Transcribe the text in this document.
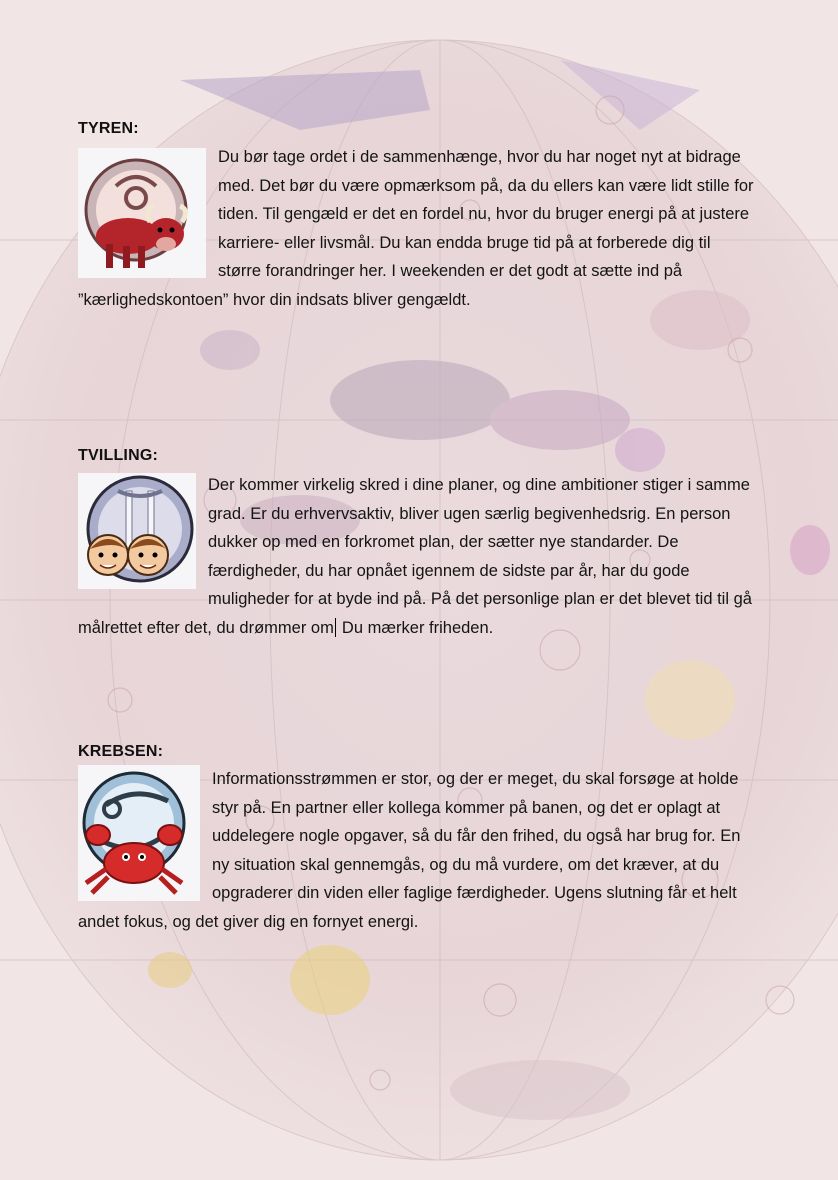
TYREN:

Du bør tage ordet i de sammenhænge, hvor du har noget nyt at bidrage med. Det bør du være opmærksom på, da du ellers kan være lidt stille for tiden. Til gengæld er det en fordel nu, hvor du bruger energi på at justere karriere- eller livsmål. Du kan endda bruge tid på at forberede dig til større forandringer her. I weekenden er det godt at sætte ind på ”kærlighedskontoen” hvor din indsats bliver gengældt.

TVILLING:

Der kommer virkelig skred i dine planer, og dine ambitioner stiger i samme grad. Er du erhvervsaktiv, bliver ugen særlig begivenhedsrig. En person dukker op med en forkromet plan, der sætter nye standarder. De færdigheder, du har opnået igennem de sidste par år, har du gode muligheder for at byde ind på. På det personlige plan er det blevet tid til gå målrettet efter det, du drømmer om Du mærker friheden.

KREBSEN:

Informationsstrømmen er stor, og der er meget, du skal forsøge at holde styr på. En partner eller kollega kommer på banen, og det er oplagt at uddelegere nogle opgaver, så du får den frihed, du også har brug for. En ny situation skal gennemgås, og du må vurdere, om det kræver, at du opgraderer din viden eller faglige færdigheder. Ugens slutning får et helt andet fokus, og det giver dig en fornyet energi.
